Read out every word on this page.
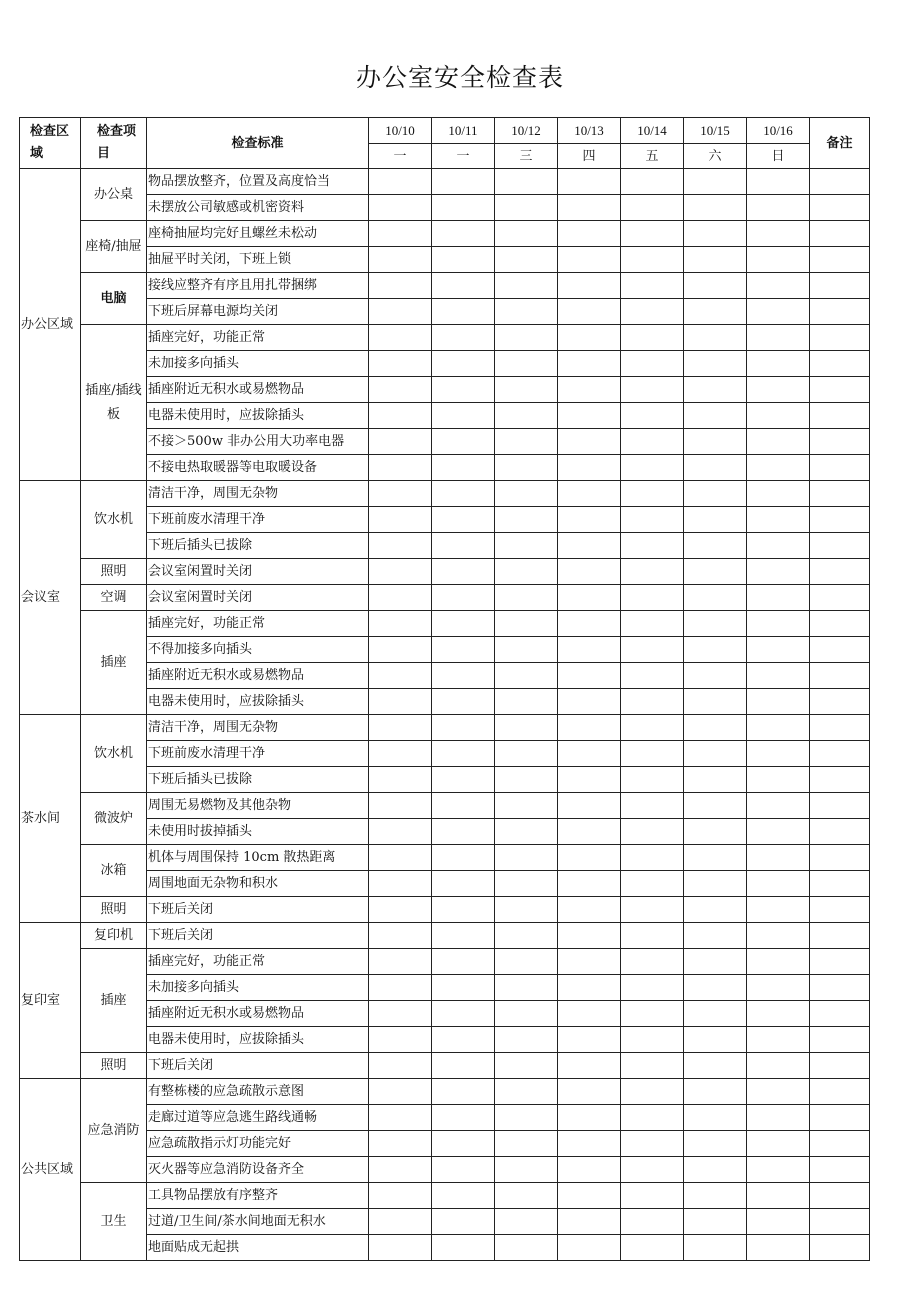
办公室安全检查表
检查区域	检查项目	检查标准	10/10	10/11	10/12	10/13	10/14	10/15	10/16	备注
			一	一	三	四	五	六	日	
办公区域	办公桌	物品摆放整齐，位置及高度恰当								
		未摆放公司敏感或机密资料								
	座椅/抽屉	座椅抽屉均完好且螺丝未松动								
		抽屉平时关闭，下班上锁								
	电脑	接线应整齐有序且用扎带捆绑								
		下班后屏幕电源均关闭								
	插座/插线板	插座完好，功能正常								
		未加接多向插头								
		插座附近无积水或易燃物品								
		电器未使用时，应拔除插头								
		不接＞500w 非办公用大功率电器								
		不接电热取暖器等电取暖设备								
会议室	饮水机	清洁干净，周围无杂物								
		下班前废水清理干净								
		下班后插头已拔除								
	照明	会议室闲置时关闭								
	空调	会议室闲置时关闭								
	插座	插座完好，功能正常								
		不得加接多向插头								
		插座附近无积水或易燃物品								
		电器未使用时，应拔除插头								
茶水间	饮水机	清洁干净，周围无杂物								
		下班前废水清理干净								
		下班后插头已拔除								
	微波炉	周围无易燃物及其他杂物								
		未使用时拔掉插头								
	冰箱	机体与周围保持 10cm 散热距离								
		周围地面无杂物和积水								
	照明	下班后关闭								
复印室	复印机	下班后关闭								
	插座	插座完好，功能正常								
		未加接多向插头								
		插座附近无积水或易燃物品								
		电器未使用时，应拔除插头								
	照明	下班后关闭								
公共区域	应急消防	有整栋楼的应急疏散示意图								
		走廊过道等应急逃生路线通畅								
		应急疏散指示灯功能完好								
		灭火器等应急消防设备齐全								
	卫生	工具物品摆放有序整齐								
		过道/卫生间/茶水间地面无积水								
		地面贴成无起拱								
